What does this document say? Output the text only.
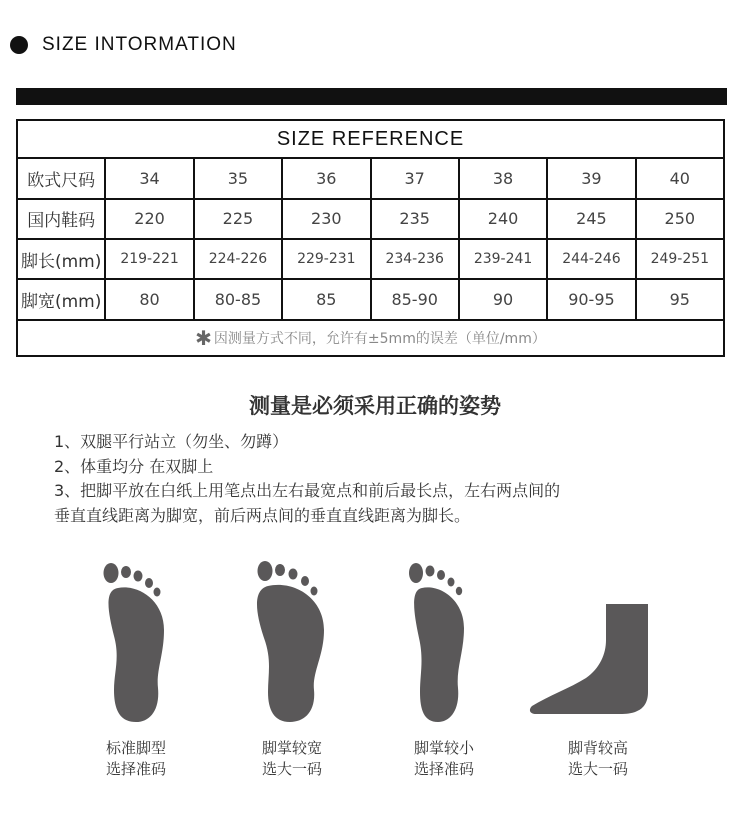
SIZE INTORMATION
SIZE REFERENCE							
欧式尺码	34	35	36	37	38	39	40
国内鞋码	220	225	230	235	240	245	250
脚长(mm)	219-221	224-226	229-231	234-236	239-241	244-246	249-251
脚宽(mm)	80	80-85	85	85-90	90	90-95	95
✱ 因测量方式不同，允许有±5mm的误差（单位/mm）							
测量是必须采用正确的姿势
1、双腿平行站立（勿坐、勿蹲）
2、体重均分 在双脚上
3、把脚平放在白纸上用笔点出左右最宽点和前后最长点，左右两点间的
垂直直线距离为脚宽，前后两点间的垂直直线距离为脚长。
标准脚型
选择准码
脚掌较宽
选大一码
脚掌较小
选择准码
脚背较高
选大一码
